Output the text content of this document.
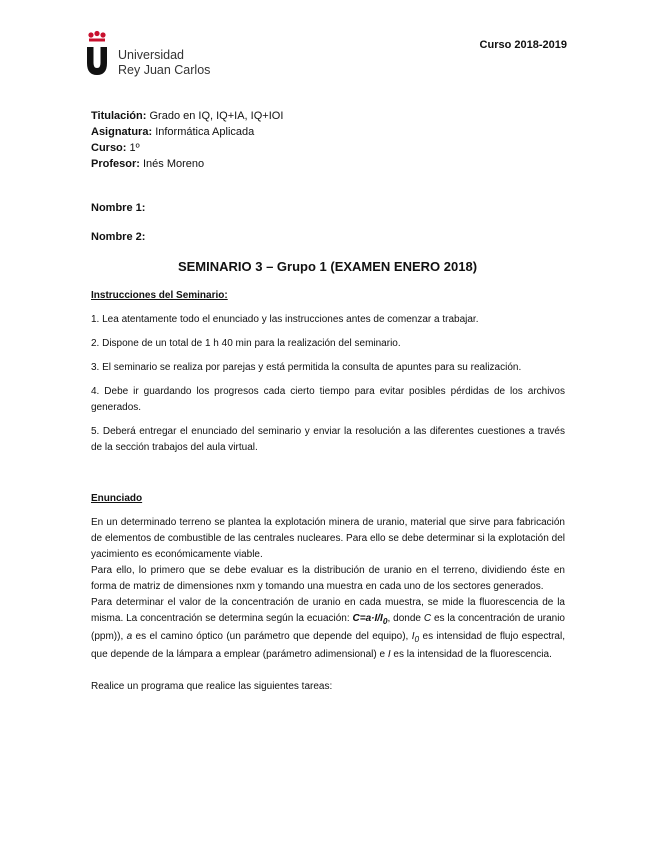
Universidad
Rey Juan Carlos
Curso 2018-2019
Titulación: Grado en IQ, IQ+IA, IQ+IOI
Asignatura: Informática Aplicada
Curso: 1º
Profesor: Inés Moreno
Nombre 1:
Nombre 2:
SEMINARIO 3 – Grupo 1 (EXAMEN ENERO 2018)
Instrucciones del Seminario:

1. Lea atentamente todo el enunciado y las instrucciones antes de comenzar a trabajar.

2. Dispone de un total de 1 h 40 min para la realización del seminario.

3. El seminario se realiza por parejas y está permitida la consulta de apuntes para su realización.

4. Debe ir guardando los progresos cada cierto tiempo para evitar posibles pérdidas de los archivos generados.

5. Deberá entregar el enunciado del seminario y enviar la resolución a las diferentes cuestiones a través de la sección trabajos del aula virtual.

Enunciado

En un determinado terreno se plantea la explotación minera de uranio, material que sirve para fabricación de elementos de combustible de las centrales nucleares. Para ello se debe determinar si la explotación del yacimiento es económicamente viable.

Para ello, lo primero que se debe evaluar es la distribución de uranio en el terreno, dividiendo éste en forma de matriz de dimensiones nxm y tomando una muestra en cada uno de los sectores generados.

Para determinar el valor de la concentración de uranio en cada muestra, se mide la fluorescencia de la misma. La concentración se determina según la ecuación: $C=a\cdot I/I_0$, donde C es la concentración de uranio (ppm)), a es el camino óptico (un parámetro que depende del equipo), $I_0$ es intensidad de flujo espectral, que depende de la lámpara a emplear (parámetro adimensional) e I es la intensidad de la fluorescencia.

Realice un programa que realice las siguientes tareas:
